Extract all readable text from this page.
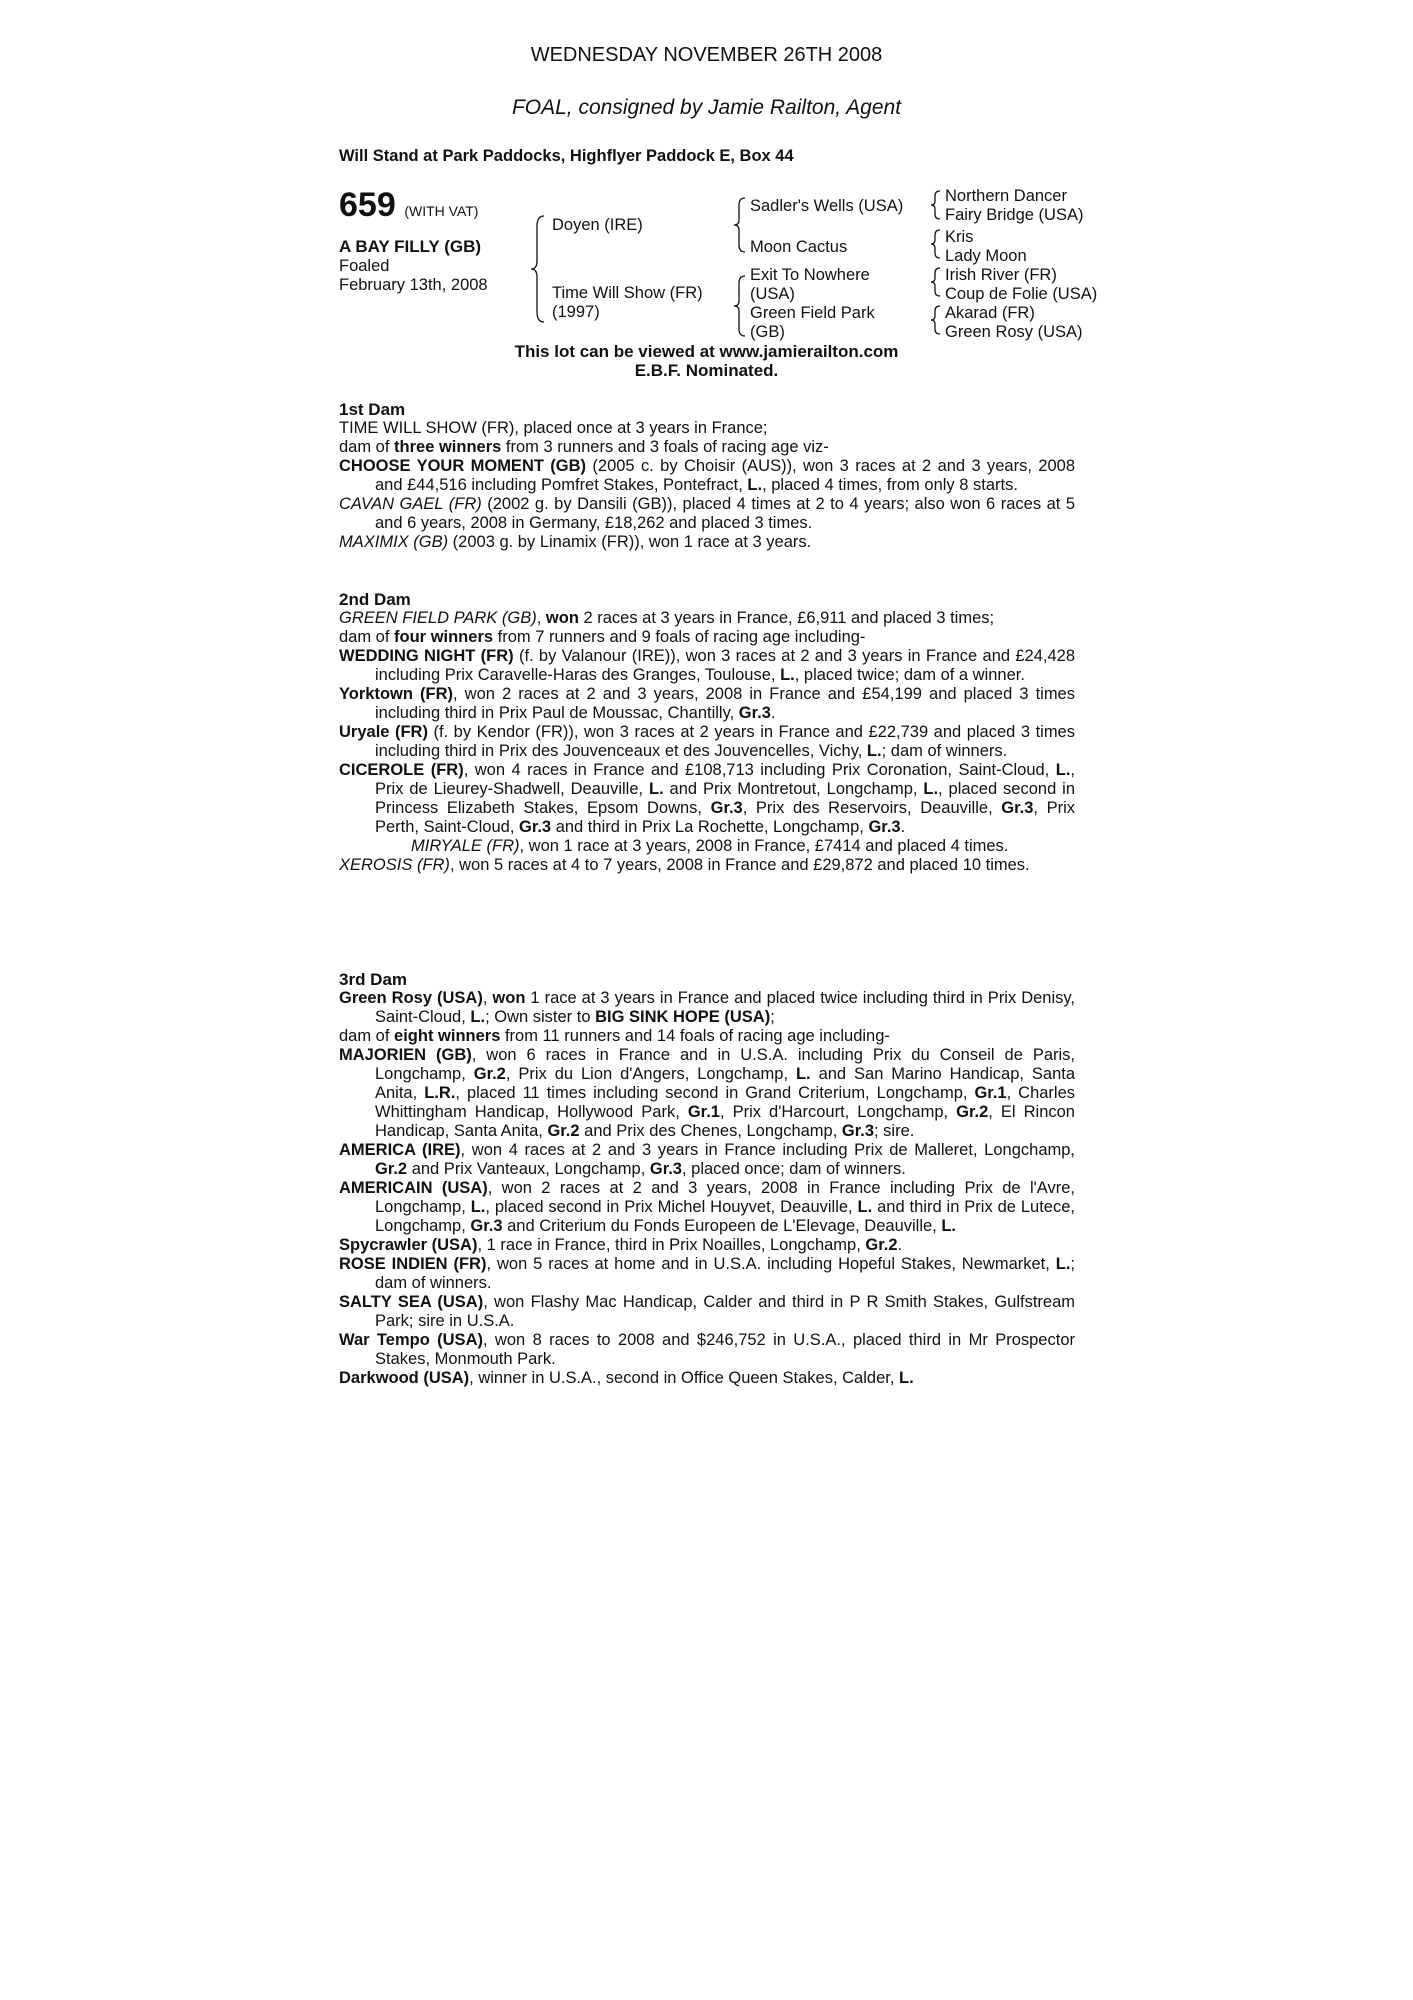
WEDNESDAY NOVEMBER 26TH 2008
FOAL, consigned by Jamie Railton, Agent
Will Stand at Park Paddocks, Highflyer Paddock E, Box 44
659 (WITH VAT)
A BAY FILLY (GB)
Foaled
February 13th, 2008
Doyen (IRE)
Time Will Show (FR)
(1997)
Sadler's Wells (USA)
Moon Cactus
Exit To Nowhere
(USA)
Green Field Park
(GB)
Northern Dancer
Fairy Bridge (USA)
Kris
Lady Moon
Irish River (FR)
Coup de Folie (USA)
Akarad (FR)
Green Rosy (USA)
This lot can be viewed at www.jamierailton.com
E.B.F. Nominated.
1st Dam

TIME WILL SHOW (FR), placed once at 3 years in France;

dam of three winners from 3 runners and 3 foals of racing age viz-

CHOOSE YOUR MOMENT (GB) (2005 c. by Choisir (AUS)), won 3 races at 2 and 3 years, 2008 and £44,516 including Pomfret Stakes, Pontefract, L., placed 4 times, from only 8 starts.

CAVAN GAEL (FR) (2002 g. by Dansili (GB)), placed 4 times at 2 to 4 years; also won 6 races at 5 and 6 years, 2008 in Germany, £18,262 and placed 3 times.

MAXIMIX (GB) (2003 g. by Linamix (FR)), won 1 race at 3 years.

2nd Dam

GREEN FIELD PARK (GB), won 2 races at 3 years in France, £6,911 and placed 3 times;

dam of four winners from 7 runners and 9 foals of racing age including-

WEDDING NIGHT (FR) (f. by Valanour (IRE)), won 3 races at 2 and 3 years in France and £24,428 including Prix Caravelle-Haras des Granges, Toulouse, L., placed twice; dam of a winner.

Yorktown (FR), won 2 races at 2 and 3 years, 2008 in France and £54,199 and placed 3 times including third in Prix Paul de Moussac, Chantilly, Gr.3.

Uryale (FR) (f. by Kendor (FR)), won 3 races at 2 years in France and £22,739 and placed 3 times including third in Prix des Jouvenceaux et des Jouvencelles, Vichy, L.; dam of winners.

CICEROLE (FR), won 4 races in France and £108,713 including Prix Coronation, Saint-Cloud, L., Prix de Lieurey-Shadwell, Deauville, L. and Prix Montretout, Longchamp, L., placed second in Princess Elizabeth Stakes, Epsom Downs, Gr.3, Prix des Reservoirs, Deauville, Gr.3, Prix Perth, Saint-Cloud, Gr.3 and third in Prix La Rochette, Longchamp, Gr.3.

MIRYALE (FR), won 1 race at 3 years, 2008 in France, £7414 and placed 4 times.

XEROSIS (FR), won 5 races at 4 to 7 years, 2008 in France and £29,872 and placed 10 times.

3rd Dam

Green Rosy (USA), won 1 race at 3 years in France and placed twice including third in Prix Denisy, Saint-Cloud, L.; Own sister to BIG SINK HOPE (USA);

dam of eight winners from 11 runners and 14 foals of racing age including-

MAJORIEN (GB), won 6 races in France and in U.S.A. including Prix du Conseil de Paris, Longchamp, Gr.2, Prix du Lion d'Angers, Longchamp, L. and San Marino Handicap, Santa Anita, L.R., placed 11 times including second in Grand Criterium, Longchamp, Gr.1, Charles Whittingham Handicap, Hollywood Park, Gr.1, Prix d'Harcourt, Longchamp, Gr.2, El Rincon Handicap, Santa Anita, Gr.2 and Prix des Chenes, Longchamp, Gr.3; sire.

AMERICA (IRE), won 4 races at 2 and 3 years in France including Prix de Malleret, Longchamp, Gr.2 and Prix Vanteaux, Longchamp, Gr.3, placed once; dam of winners.

AMERICAIN (USA), won 2 races at 2 and 3 years, 2008 in France including Prix de l'Avre, Longchamp, L., placed second in Prix Michel Houyvet, Deauville, L. and third in Prix de Lutece, Longchamp, Gr.3 and Criterium du Fonds Europeen de L'Elevage, Deauville, L.

Spycrawler (USA), 1 race in France, third in Prix Noailles, Longchamp, Gr.2.

ROSE INDIEN (FR), won 5 races at home and in U.S.A. including Hopeful Stakes, Newmarket, L.; dam of winners.

SALTY SEA (USA), won Flashy Mac Handicap, Calder and third in P R Smith Stakes, Gulfstream Park; sire in U.S.A.

War Tempo (USA), won 8 races to 2008 and $246,752 in U.S.A., placed third in Mr Prospector Stakes, Monmouth Park.

Darkwood (USA), winner in U.S.A., second in Office Queen Stakes, Calder, L.
